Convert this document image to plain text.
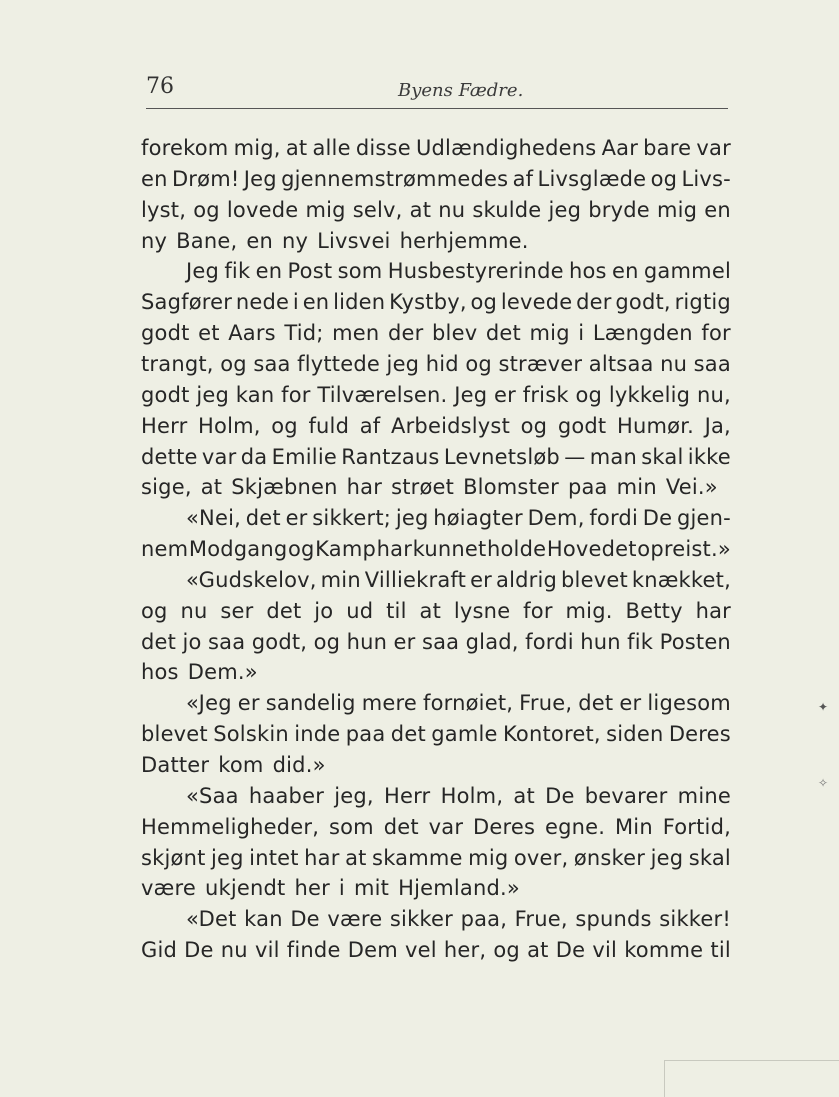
76	Byens Fædre.
forekom mig, at alle disse Udlændighedens Aar bare var
en Drøm! Jeg gjennemstrømmedes af Livsglæde og Livs-
lyst, og lovede mig selv, at nu skulde jeg bryde mig en
ny Bane, en ny Livsvei herhjemme.
Jeg fik en Post som Husbestyrerinde hos en gammel
Sagfører nede i en liden Kystby, og levede der godt, rigtig
godt et Aars Tid; men der blev det mig i Længden for
trangt, og saa flyttede jeg hid og stræver altsaa nu saa
godt jeg kan for Tilværelsen. Jeg er frisk og lykkelig nu,
Herr Holm, og fuld af Arbeidslyst og godt Humør. Ja,
dette var da Emilie Rantzaus Levnetsløb — man skal ikke
sige, at Skjæbnen har strøet Blomster paa min Vei.»
«Nei, det er sikkert; jeg høiagter Dem, fordi De gjen-
nem Modgang og Kamp har kunnet holde Hovedet opreist.»
«Gudskelov, min Villiekraft er aldrig blevet knækket,
og nu ser det jo ud til at lysne for mig. Betty har
det jo saa godt, og hun er saa glad, fordi hun fik Posten
hos Dem.»
«Jeg er sandelig mere fornøiet, Frue, det er ligesom
blevet Solskin inde paa det gamle Kontoret, siden Deres
Datter kom did.»
«Saa haaber jeg, Herr Holm, at De bevarer mine
Hemmeligheder, som det var Deres egne. Min Fortid,
skjønt jeg intet har at skamme mig over, ønsker jeg skal
være ukjendt her i mit Hjemland.»
«Det kan De være sikker paa, Frue, spunds sikker!
Gid De nu vil finde Dem vel her, og at De vil komme til
✦
✧
